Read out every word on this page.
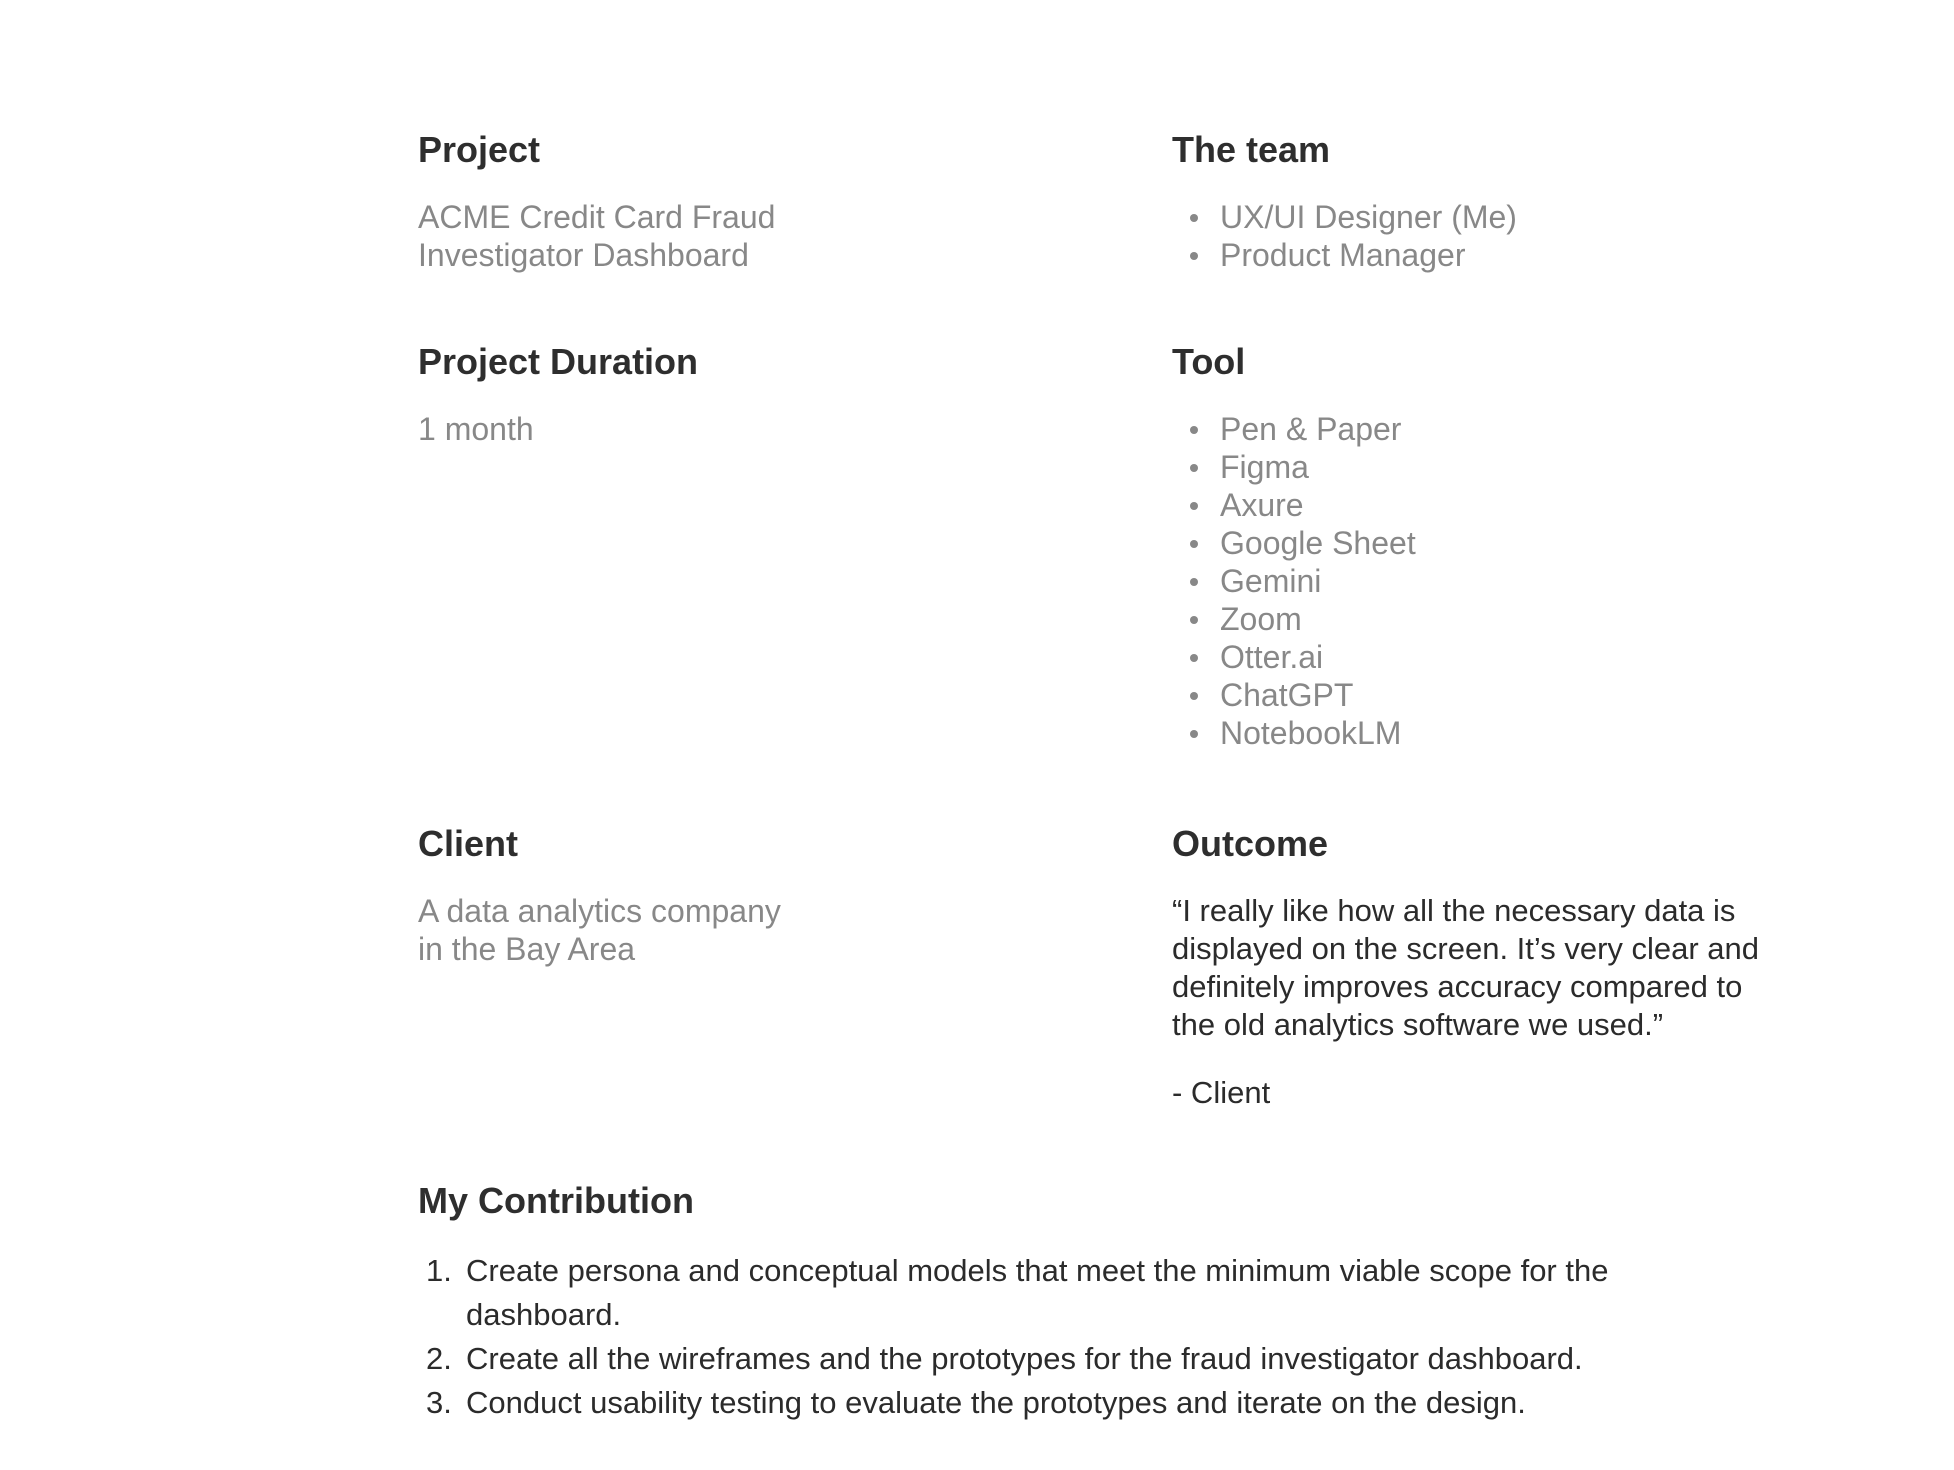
Project

ACME Credit Card Fraud

Investigator Dashboard

The team
UX/UI Designer (Me)
Product Manager
Project Duration

1 month

Tool
Pen & Paper
Figma
Axure
Google Sheet
Gemini
Zoom
Otter.ai
ChatGPT
NotebookLM
Client

A data analytics company

in the Bay Area

Outcome

“I really like how all the necessary data is

displayed on the screen. It’s very clear and

definitely improves accuracy compared to

the old analytics software we used.”

- Client

My Contribution
1. Create persona and conceptual models that meet the minimum viable scope for the dashboard.
2. Create all the wireframes and the prototypes for the fraud investigator dashboard.
3. Conduct usability testing to evaluate the prototypes and iterate on the design.
